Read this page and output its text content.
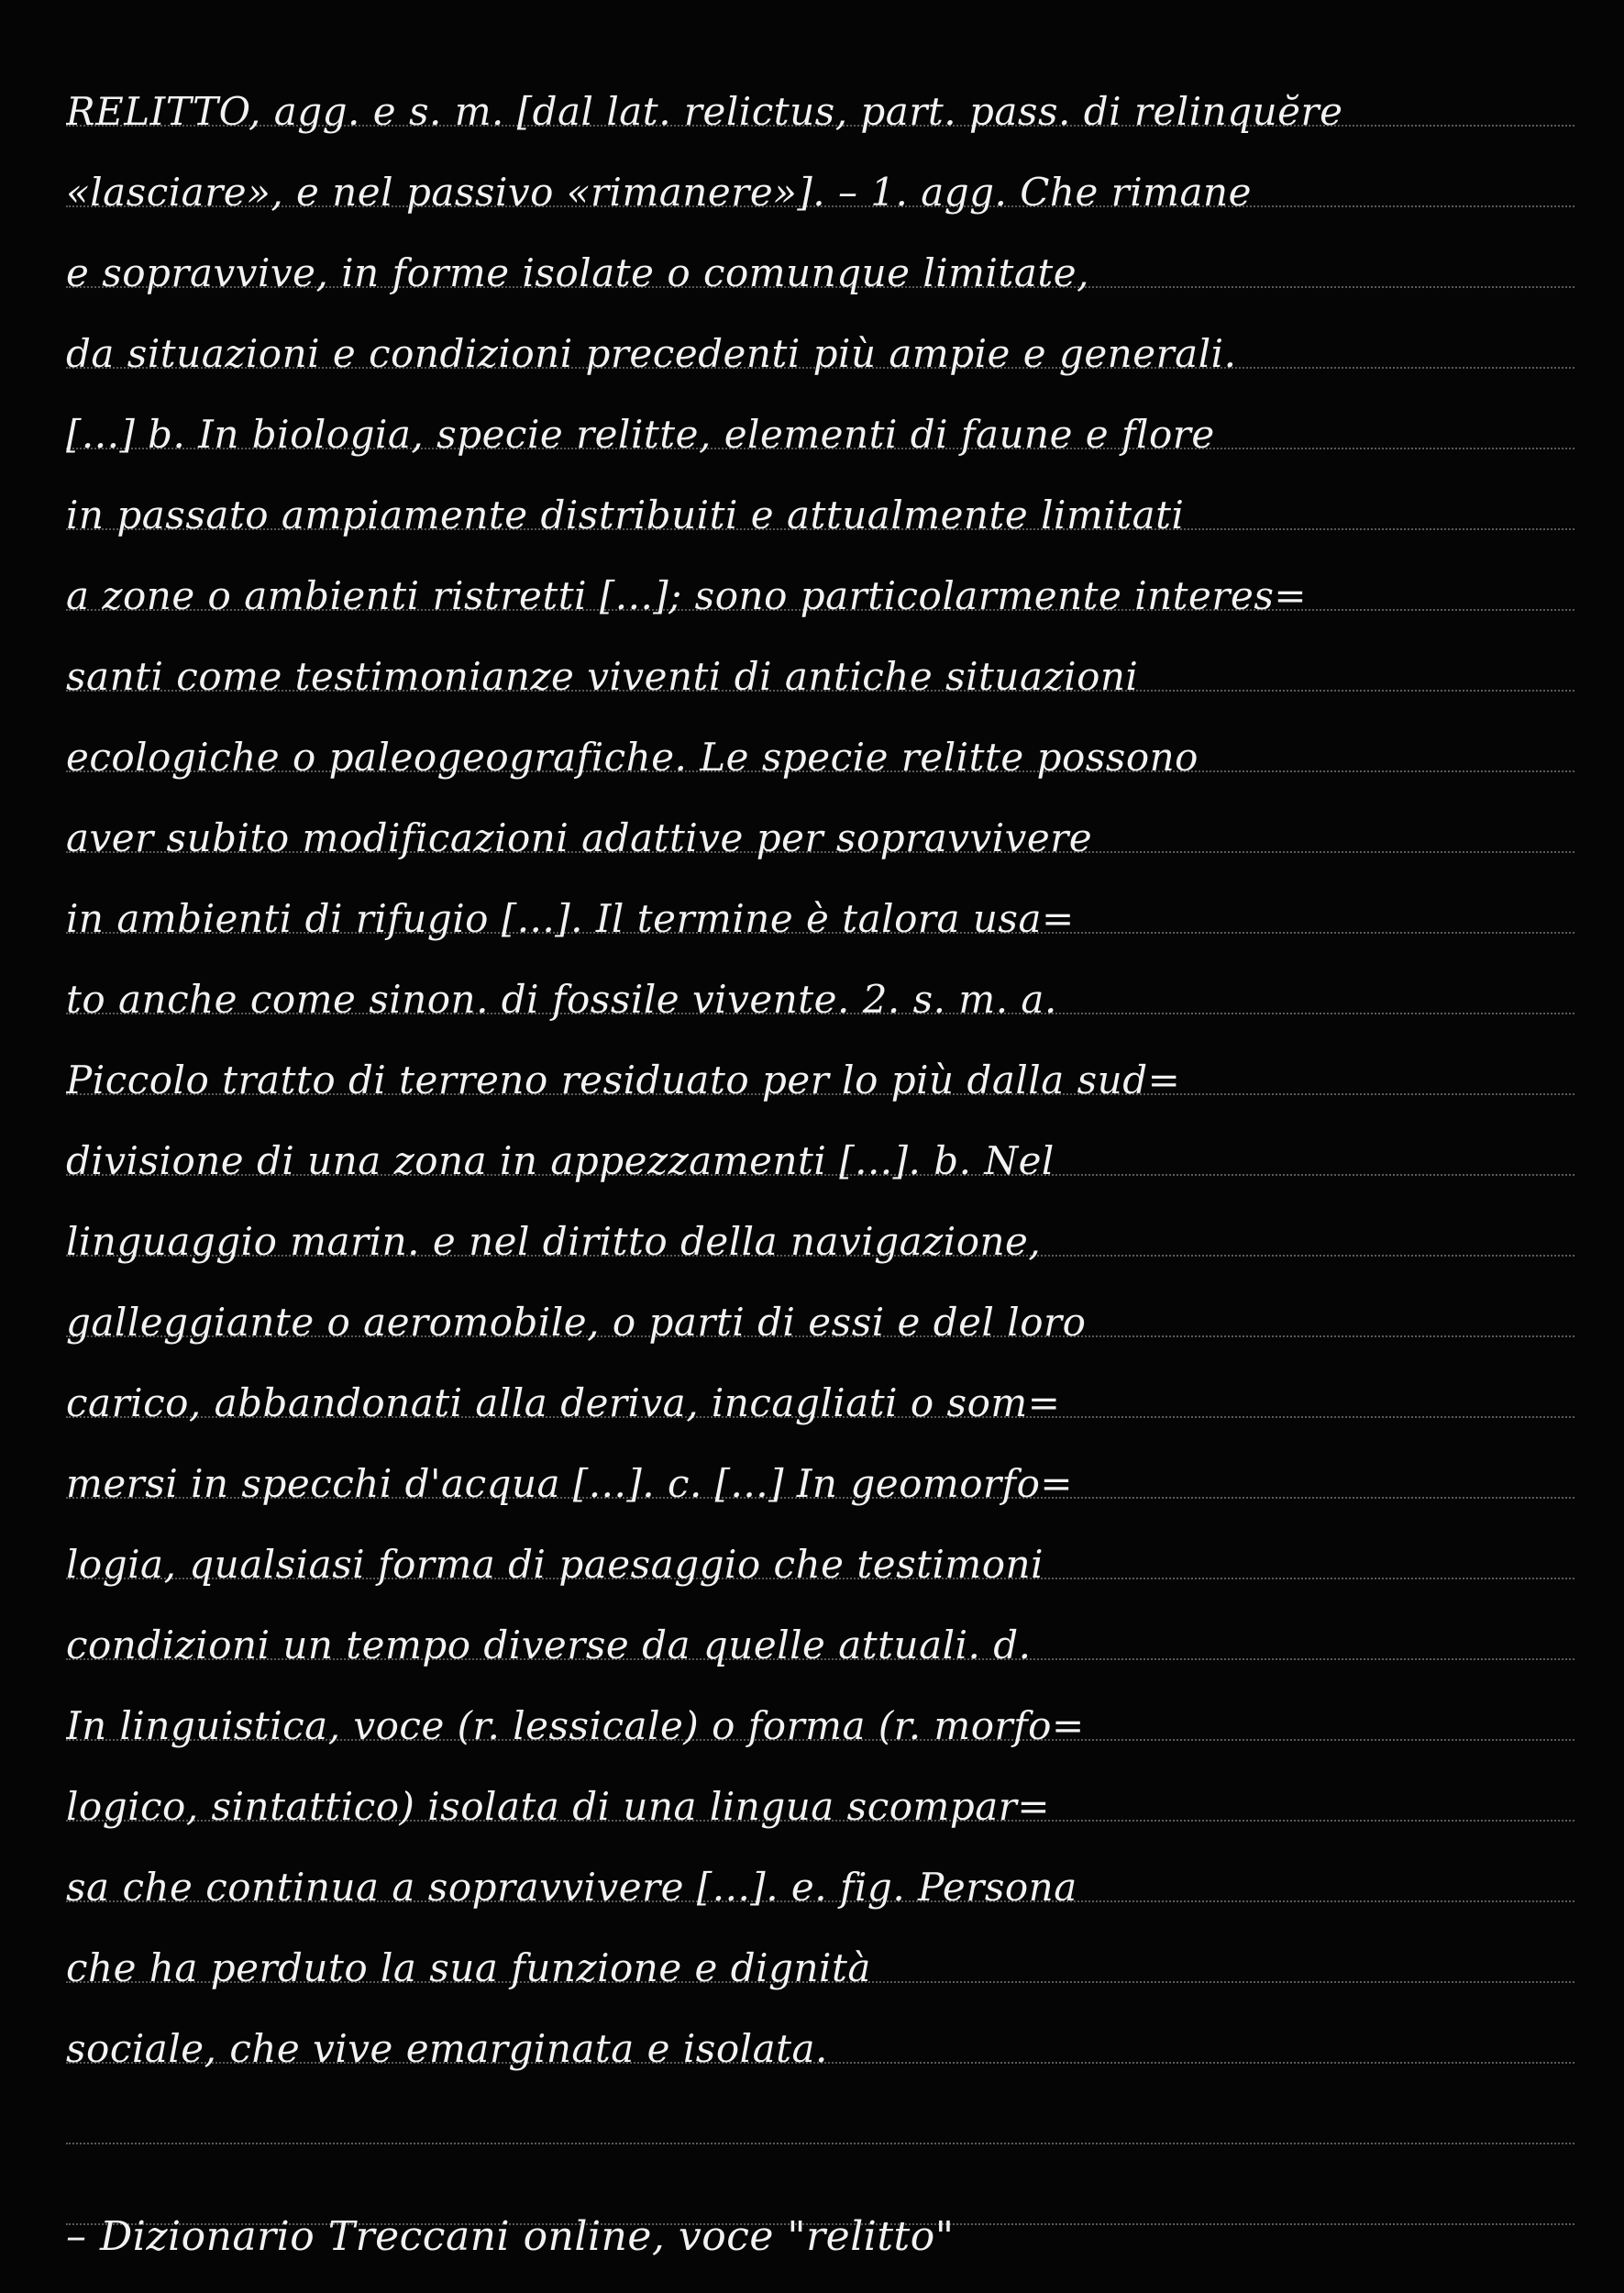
RELITTO, agg. e s. m. [dal lat. relictus, part. pass. di relinquĕre
«lasciare», e nel passivo «rimanere»]. – 1. agg. Che rimane
e sopravvive, in forme isolate o comunque limitate,
da situazioni e condizioni precedenti più ampie e generali.
[...] b. In biologia, specie relitte, elementi di faune e flore
in passato ampiamente distribuiti e attualmente limitati
a zone o ambienti ristretti [...]; sono particolarmente interes=
santi come testimonianze viventi di antiche situazioni
ecologiche o paleogeografiche. Le specie relitte possono
aver subito modificazioni adattive per sopravvivere
in ambienti di rifugio [...]. Il termine è talora usa=
to anche come sinon. di fossile vivente. 2. s. m. a.
Piccolo tratto di terreno residuato per lo più dalla sud=
divisione di una zona in appezzamenti [...]. b. Nel
linguaggio marin. e nel diritto della navigazione,
galleggiante o aeromobile, o parti di essi e del loro
carico, abbandonati alla deriva, incagliati o som=
mersi in specchi d'acqua [...]. c. [...] In geomorfo=
logia, qualsiasi forma di paesaggio che testimoni
condizioni un tempo diverse da quelle attuali. d.
In linguistica, voce (r. lessicale) o forma (r. morfo=
logico, sintattico) isolata di una lingua scompar=
sa che continua a sopravvivere [...]. e. fig. Persona
che ha perduto la sua funzione e dignità
sociale, che vive emarginata e isolata.
– Dizionario Treccani online, voce "relitto"
